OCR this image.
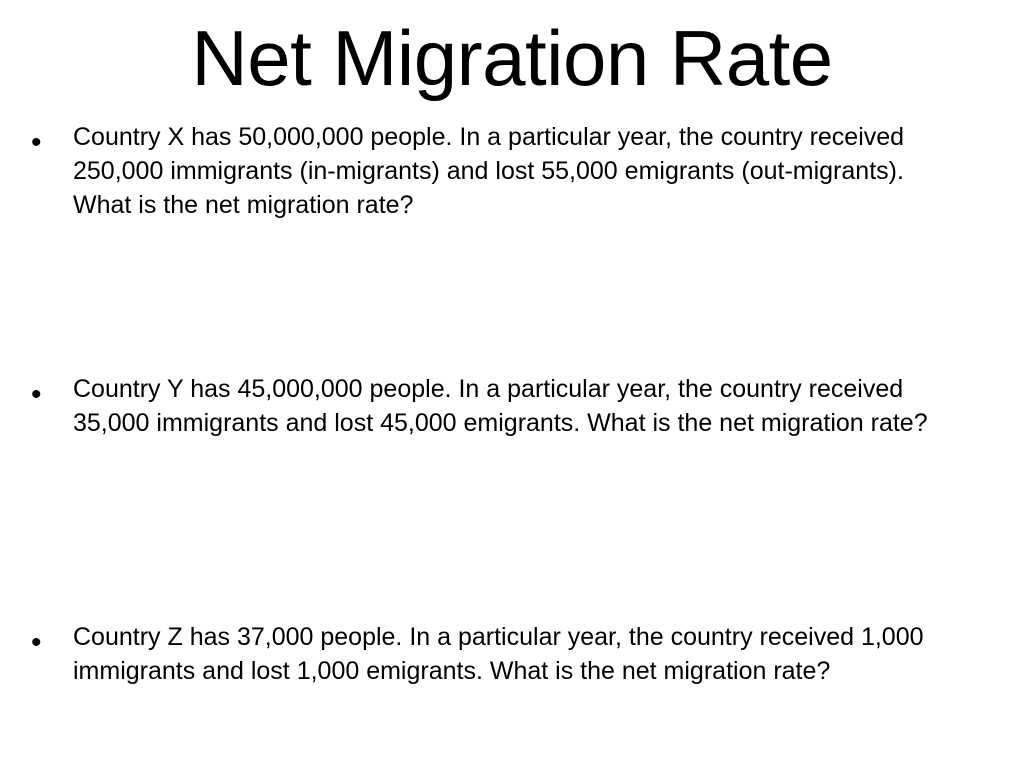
Net Migration Rate
• Country X has 50,000,000 people. In a particular year, the country received 250,000 immigrants (in-migrants) and lost 55,000 emigrants (out-migrants). What is the net migration rate?

• Country Y has 45,000,000 people. In a particular year, the country received 35,000 immigrants and lost 45,000 emigrants. What is the net migration rate?

• Country Z has 37,000 people. In a particular year, the country received 1,000 immigrants and lost 1,000 emigrants. What is the net migration rate?
